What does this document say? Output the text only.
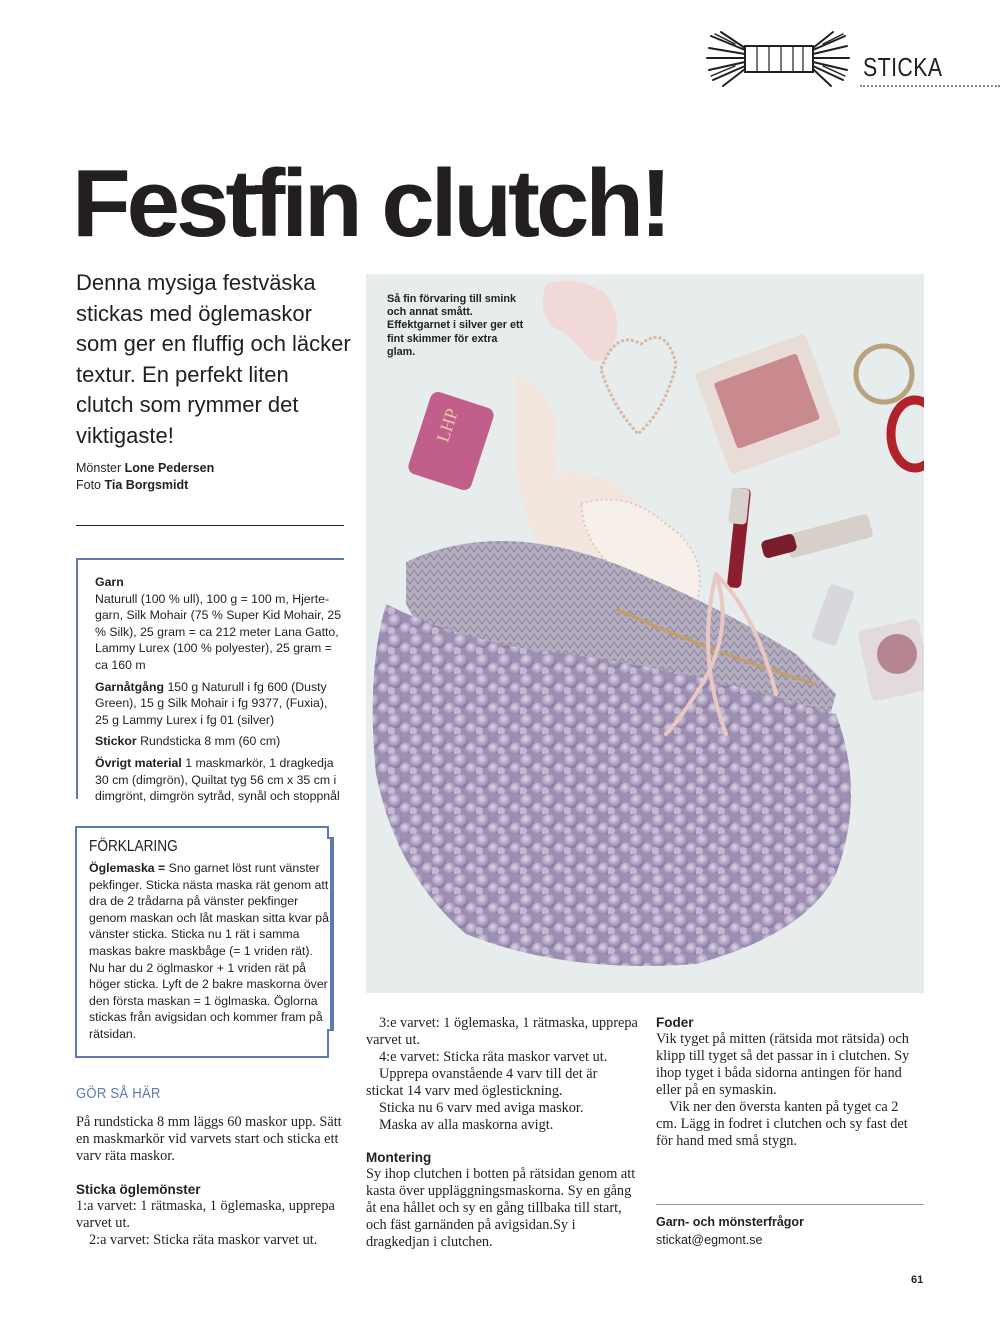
STICKA
Festfin clutch!

Denna mysiga festväska stickas med öglemaskor som ger en fluffig och läcker textur. En perfekt liten clutch som rymmer det viktigaste!

Mönster Lone Pedersen
Foto Tia Borgsmidt

Garn
Naturull (100 % ull), 100 g = 100 m, Hjerte-garn, Silk Mohair (75 % Super Kid Mohair, 25 % Silk), 25 gram = ca 212 meter Lana Gatto, Lammy Lurex (100 % polyester), 25 gram = ca 160 m

Garnåtgång 150 g Naturull i fg 600 (Dusty Green), 15 g Silk Mohair i fg 9377, (Fuxia), 25 g Lammy Lurex i fg 01 (silver)

Stickor Rundsticka 8 mm (60 cm)

Övrigt material 1 maskmarkör, 1 dragkedja 30 cm (dimgrön), Quiltat tyg 56 cm x 35 cm i dimgrönt, dimgrön sytråd, synål och stoppnål

FÖRKLARING

Öglemaska = Sno garnet löst runt vänster pekfinger. Sticka nästa maska rät genom att dra de 2 trådarna på vänster pekfinger genom maskan och låt maskan sitta kvar på vänster sticka. Sticka nu 1 rät i samma maskas bakre maskbåge (= 1 vriden rät). Nu har du 2 öglmaskor + 1 vriden rät på höger sticka. Lyft de 2 bakre maskorna över den första maskan = 1 öglmaska. Öglorna stickas från avigsidan och kommer fram på rätsidan.

GÖR SÅ HÄR

På rundsticka 8 mm läggs 60 maskor upp. Sätt en maskmarkör vid varvets start och sticka ett varv räta maskor.

Sticka öglemönster

1:a varvet: 1 rätmaska, 1 öglemaska, upprepa varvet ut.

2:a varvet: Sticka räta maskor varvet ut.

3:e varvet: 1 öglemaska, 1 rätmaska, upprepa varvet ut.

4:e varvet: Sticka räta maskor varvet ut.

Upprepa ovanstående 4 varv till det är stickat 14 varv med öglestickning.

Sticka nu 6 varv med aviga maskor.

Maska av alla maskorna avigt.

Montering

Sy ihop clutchen i botten på rätsidan genom att kasta över uppläggningsmaskorna. Sy en gång åt ena hållet och sy en gång tillbaka till start, och fäst garnänden på avigsidan.Sy i dragkedjan i clutchen.

Foder

Vik tyget på mitten (rätsida mot rätsida) och klipp till tyget så det passar in i clutchen. Sy ihop tyget i båda sidorna antingen för hand eller på en symaskin.

Vik ner den översta kanten på tyget ca 2 cm. Lägg in fodret i clutchen och sy fast det för hand med små stygn.

LHP
Så fin förvaring till smink och annat smått. Effektgarnet i silver ger ett fint skimmer för extra glam.
Garn- och mönsterfrågor
stickat@egmont.se
61
